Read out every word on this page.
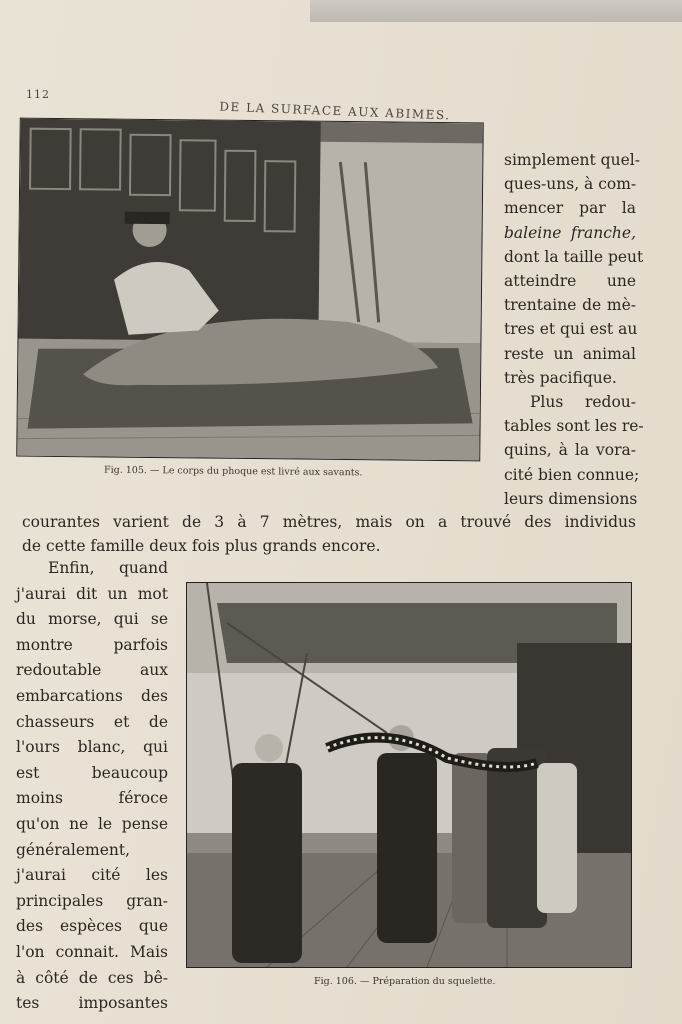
112
DE LA SURFACE AUX ABIMES.
Fig. 105. — Le corps du phoque est livré aux savants.
simplement quel-
ques-uns, à com-
mencer par la
baleine franche,
dont la taille peut
atteindre une
trentaine de mè-
tres et qui est au
reste un animal
très pacifique.
Plus redou-
tables sont les re-
quins, à la vora-
cité bien connue;
leurs dimensions
courantes varient de 3 à 7 mètres, mais on a trouvé des individus
de cette famille deux fois plus grands encore.
Enfin, quand
j'aurai dit un mot
du morse, qui se
montre parfois
redoutable aux
embarcations des
chasseurs et de
l'ours blanc, qui
est beaucoup
moins féroce
qu'on ne le pense
généralement,
j'aurai cité les
principales gran-
des espèces que
l'on connait. Mais
à côté de ces bê-
tes imposantes
Fig. 106. — Préparation du squelette.
